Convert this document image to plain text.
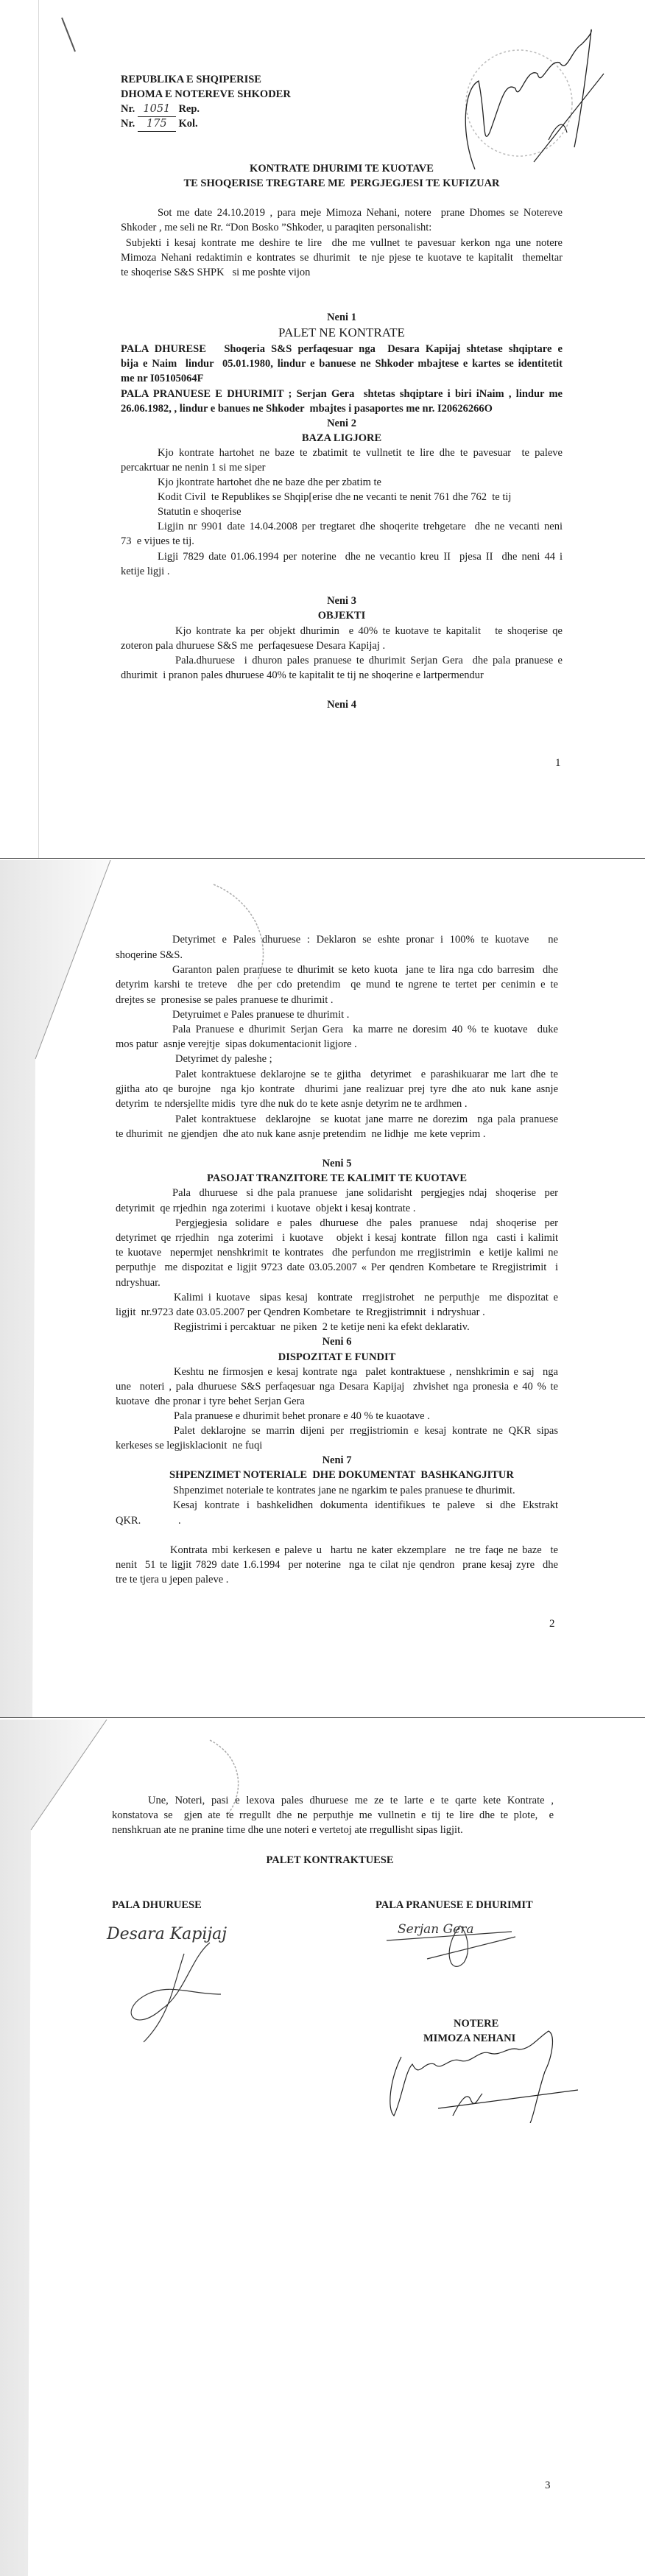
REPUBLIKA E SHQIPERISE
DHOMA E NOTEREVE SHKODER
Nr. 1051 Rep.
Nr. 175 Kol.
KONTRATE DHURIMI TE KUOTAVE
TE SHOQERISE TREGTARE ME  PERGJEGJESI TE KUFIZUAR
Sot me date 24.10.2019 , para meje Mimoza Nehani, notere  prane Dhomes se Notereve
Shkoder , me seli ne Rr. “Don Bosko ”Shkoder, u paraqiten personalisht:
Subjekti i kesaj kontrate me deshire te lire  dhe me vullnet te pavesuar kerkon nga une notere
Mimoza Nehani redaktimin e kontrates se dhurimit  te nje pjese te kuotave te kapitalit  themeltar
te shoqerise S&S SHPK   si me poshte vijon
Neni 1
PALET NE KONTRATE
PALA DHURESE   Shoqeria S&S perfaqesuar nga  Desara Kapijaj shtetase shqiptare e
bija e Naim  lindur  05.01.1980, lindur e banuese ne Shkoder mbajtese e kartes se identitetit
me nr I05105064F
PALA PRANUESE E DHURIMIT ; Serjan Gera  shtetas shqiptare i biri iNaim , lindur me
26.06.1982, , lindur e banues ne Shkoder  mbajtes i pasaportes me nr. I20626266O
Neni 2
BAZA LIGJORE
Kjo kontrate hartohet ne baze te zbatimit te vullnetit te lire dhe te pavesuar  te paleve
percakrtuar ne nenin 1 si me siper
Kjo jkontrate hartohet dhe ne baze dhe per zbatim te
Kodit Civil  te Republikes se Shqip[erise dhe ne vecanti te nenit 761 dhe 762  te tij
Statutin e shoqerise
Ligjin nr 9901 date 14.04.2008 per tregtaret dhe shoqerite trehgetare  dhe ne vecanti neni
73  e vijues te tij.
Ligji 7829 date 01.06.1994 per noterine  dhe ne vecantio kreu II  pjesa II  dhe neni 44 i
ketije ligji .
Neni 3
OBJEKTI
Kjo kontrate ka per objekt dhurimin  e 40% te kuotave te kapitalit   te shoqerise qe
zoteron pala dhuruese S&S me  perfaqesuese Desara Kapijaj .
Pala.dhuruese  i dhuron pales pranuese te dhurimit Serjan Gera  dhe pala pranuese e
dhurimit  i pranon pales dhuruese 40% te kapitalit te tij ne shoqerine e lartpermendur
Neni 4
1
Detyrimet e Pales dhuruese : Deklaron se eshte pronar i 100% te kuotave   ne
shoqerine S&S.
Garanton palen pranuese te dhurimit se keto kuota  jane te lira nga cdo barresim  dhe
detyrim karshi te treteve  dhe per cdo pretendim  qe mund te ngrene te tertet per cenimin e te
drejtes se  pronesise se pales pranuese te dhurimit .
Detyruimet e Pales pranuese te dhurimit .
Pala Pranuese e dhurimit Serjan Gera  ka marre ne doresim 40 % te kuotave  duke
mos patur  asnje verejtje  sipas dokumentacionit ligjore .
Detyrimet dy paleshe ;
Palet kontraktuese deklarojne se te gjitha  detyrimet  e parashikuarar me lart dhe te
gjitha ato qe burojne  nga kjo kontrate  dhurimi jane realizuar prej tyre dhe ato nuk kane asnje
detyrim  te ndersjellte midis  tyre dhe nuk do te kete asnje detyrim ne te ardhmen .
Palet kontraktuese  deklarojne  se kuotat jane marre ne dorezim  nga pala pranuese
te dhurimit  ne gjendjen  dhe ato nuk kane asnje pretendim  ne lidhje  me kete veprim .
Neni 5
PASOJAT TRANZITORE TE KALIMIT TE KUOTAVE
Pala  dhuruese  si dhe pala pranuese  jane solidarisht  pergjegjes ndaj  shoqerise  per
detyrimit  qe rrjedhin  nga zoterimi  i kuotave  objekt i kesaj kontrate .
Pergjegjesia  solidare  e  pales  dhuruese  dhe  pales  pranuese   ndaj  shoqerise  per
detyrimet qe rrjedhin  nga zoterimi  i kuotave   objekt i kesaj kontrate  fillon nga  casti i kalimit
te kuotave  nepermjet nenshkrimit te kontrates  dhe perfundon me rregjistrimin  e ketije kalimi ne
perputhje  me dispozitat e ligjit 9723 date 03.05.2007 « Per qendren Kombetare te Rregjistrimit  i
ndryshuar.
Kalimi i kuotave  sipas kesaj  kontrate  rregjistrohet  ne perputhje  me dispozitat e
ligjit  nr.9723 date 03.05.2007 per Qendren Kombetare  te Rregjistrimnit  i ndryshuar .
Regjistrimi i percaktuar  ne piken  2 te ketije neni ka efekt deklarativ.
Neni 6
DISPOZITAT E FUNDIT
Keshtu ne firmosjen e kesaj kontrate nga  palet kontraktuese , nenshkrimin e saj  nga
une  noteri , pala dhuruese S&S perfaqesuar nga Desara Kapijaj  zhvishet nga pronesia e 40 % te
kuotave  dhe pronar i tyre behet Serjan Gera
Pala pranuese e dhurimit behet pronare e 40 % te kuaotave .
Palet deklarojne se marrin dijeni per rregjistriomin e kesaj kontrate ne QKR sipas
kerkeses se legjisklacionit  ne fuqi
Neni 7
SHPENZIMET NOTERIALE  DHE DOKUMENTAT  BASHKANGJITUR
Shpenzimet noteriale te kontrates jane ne ngarkim te pales pranuese te dhurimit.
Kesaj  kontrate  i  bashkelidhen  dokumenta  identifikues  te  paleve   si  dhe  Ekstrakt
QKR.              .
Kontrata mbi kerkesen e paleve u  hartu ne kater ekzemplare  ne tre faqe ne baze  te
nenit  51 te ligjit 7829 date 1.6.1994  per noterine  nga te cilat nje qendron  prane kesaj zyre  dhe
tre te tjera u jepen paleve .
2
Une, Noteri, pasi e lexova pales dhuruese me ze te larte e te qarte kete Kontrate ,
konstatova se  gjen ate te rregullt dhe ne perputhje me vullnetin e tij te lire dhe te plote,  e
nenshkruan ate ne pranine time dhe une noteri e vertetoj ate rregullisht sipas ligjit.
PALET KONTRAKTUESE
PALA DHURUESE	PALA PRANUESE E DHURIMIT
Desara Kapijaj	Serjan Gera
NOTERE
MIMOZA NEHANI
3
